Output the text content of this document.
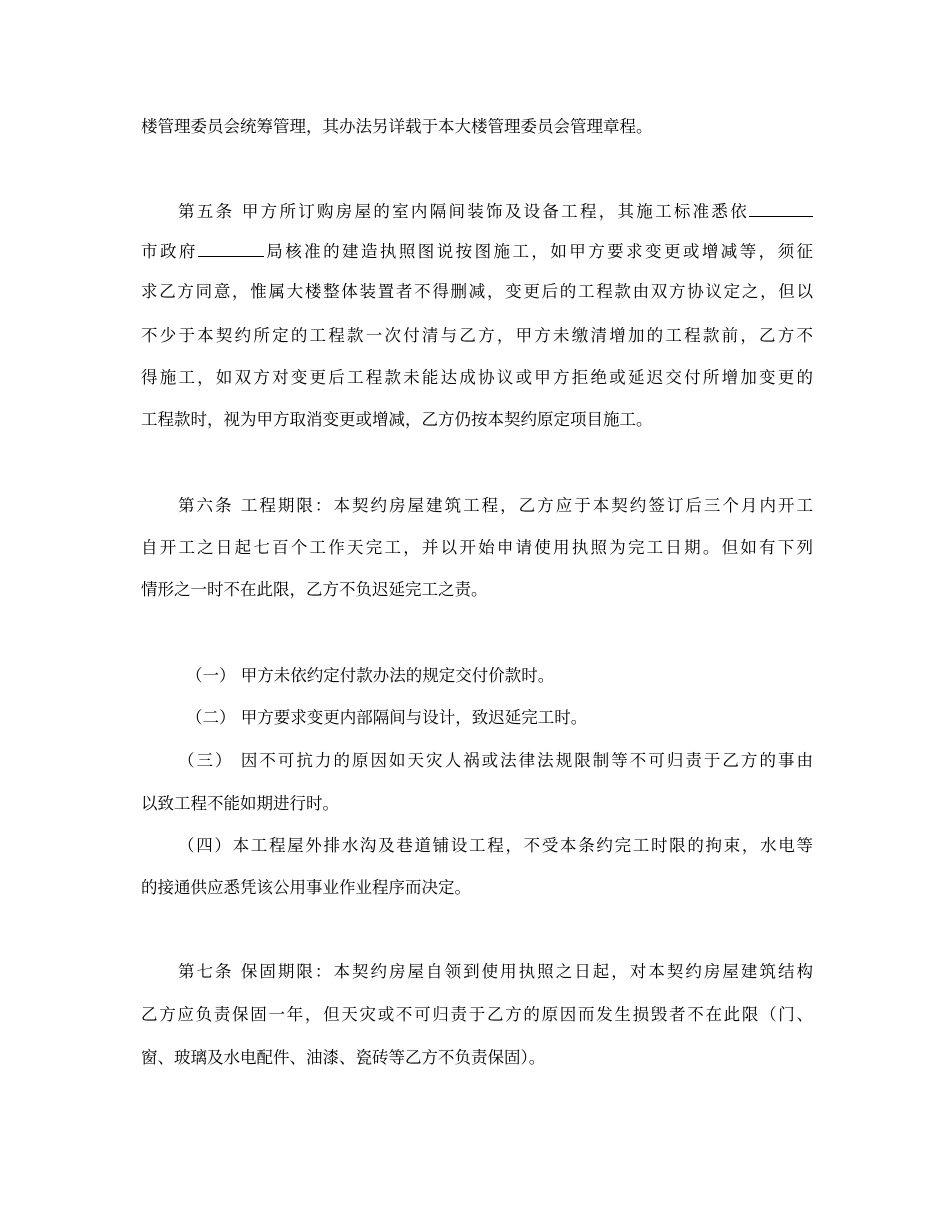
楼管理委员会统筹管理，其办法另详载于本大楼管理委员会管理章程。

第五条 甲方所订购房屋的室内隔间装饰及设备工程，其施工标准悉依

市政府	局核准的建造执照图说按图施工，如甲方要求变更或增减等，须征

求乙方同意，惟属大楼整体装置者不得删减，变更后的工程款由双方协议定之，但以

不少于本契约所定的工程款一次付清与乙方，甲方未缴清增加的工程款前，乙方不

得施工，如双方对变更后工程款未能达成协议或甲方拒绝或延迟交付所增加变更的

工程款时，视为甲方取消变更或增减，乙方仍按本契约原定项目施工。

第六条 工程期限：本契约房屋建筑工程，乙方应于本契约签订后三个月内开工

自开工之日起七百个工作天完工，并以开始申请使用执照为完工日期。但如有下列

情形之一时不在此限，乙方不负迟延完工之责。

（一） 甲方未依约定付款办法的规定交付价款时。

（二） 甲方要求变更内部隔间与设计，致迟延完工时。

（三） 因不可抗力的原因如天灾人祸或法律法规限制等不可归责于乙方的事由

以致工程不能如期进行时。

（四）本工程屋外排水沟及巷道铺设工程，不受本条约完工时限的拘束，水电等

的接通供应悉凭该公用事业作业程序而决定。

第七条 保固期限：本契约房屋自领到使用执照之日起，对本契约房屋建筑结构

乙方应负责保固一年，但天灾或不可归责于乙方的原因而发生损毁者不在此限（门、

窗、玻璃及水电配件、油漆、瓷砖等乙方不负责保固）。
